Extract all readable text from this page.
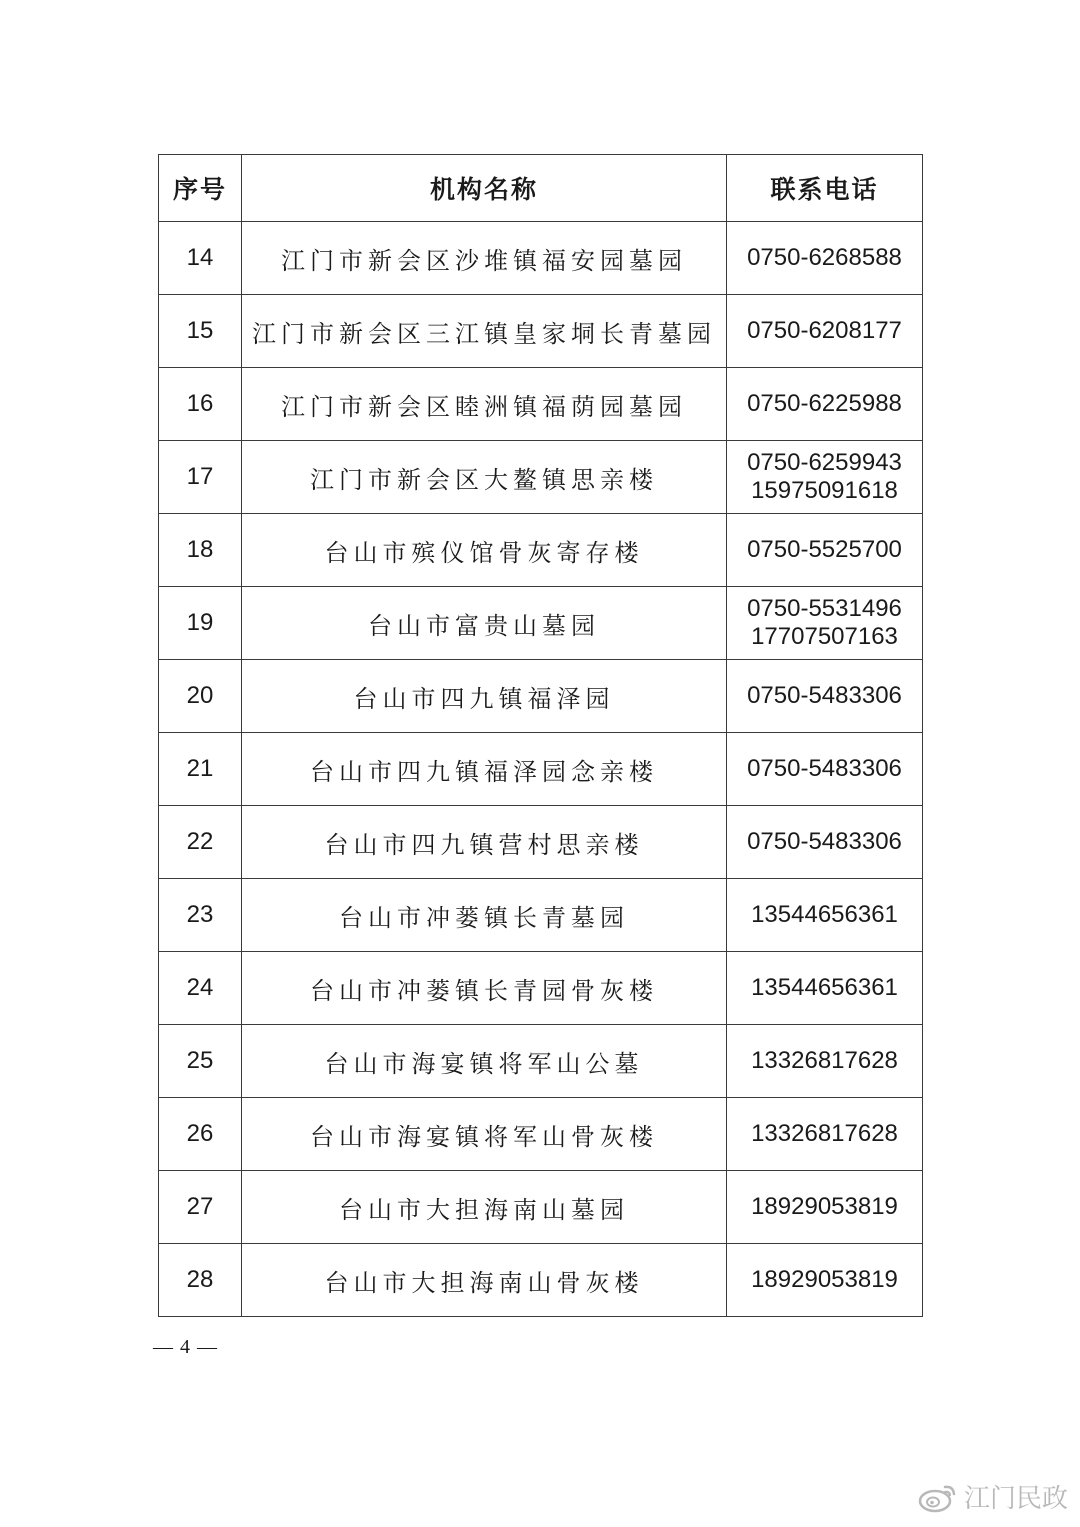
序号	机构名称	联系电话
14	江门市新会区沙堆镇福安园墓园	0750-6268588

15	江门市新会区三江镇皇家垌长青墓园	0750-6208177

16	江门市新会区睦洲镇福荫园墓园	0750-6225988

17	江门市新会区大鳌镇思亲楼	0750-6259943
15975091618

18	台山市殡仪馆骨灰寄存楼	0750-5525700

19	台山市富贵山墓园	0750-5531496
17707507163

20	台山市四九镇福泽园	0750-5483306

21	台山市四九镇福泽园念亲楼	0750-5483306

22	台山市四九镇营村思亲楼	0750-5483306

23	台山市冲蒌镇长青墓园	13544656361

24	台山市冲蒌镇长青园骨灰楼	13544656361

25	台山市海宴镇将军山公墓	13326817628

26	台山市海宴镇将军山骨灰楼	13326817628

27	台山市大担海南山墓园	18929053819

28	台山市大担海南山骨灰楼	18929053819
— 4 —
江门民政
